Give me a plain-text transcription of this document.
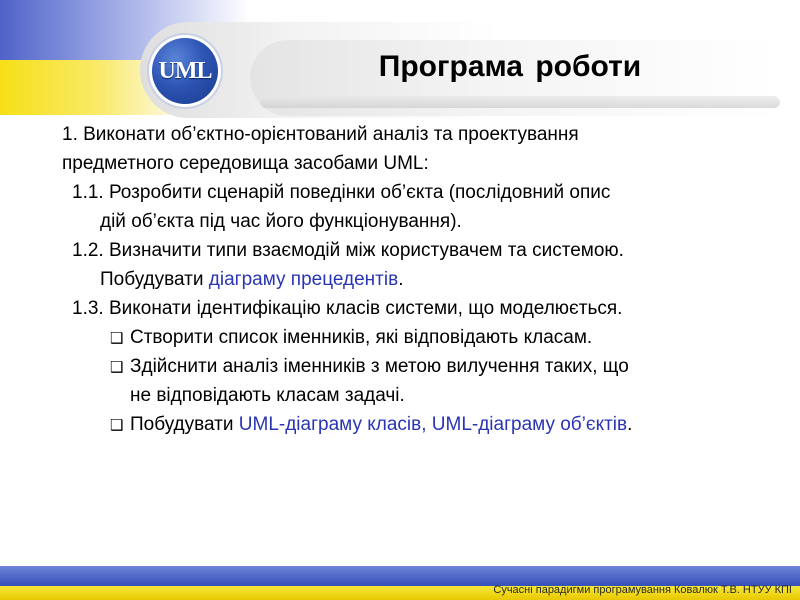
UML	Програма роботи
1. Виконати об’єктно-орієнтований аналіз та проектування
предметного середовища засобами UML:
1.1. Розробити сценарій поведінки об’єкта (послідовний опис
дій об’єкта під час його функціонування).
1.2. Визначити типи взаємодій між користувачем та системою.
Побудувати діаграму прецедентів.
1.3. Виконати ідентифікацію класів системи, що моделюється.
❑ Створити список іменників, які відповідають класам.
❑ Здійснити аналіз іменників з метою вилучення таких, що
не відповідають класам задачі.
❑ Побудувати UML-діаграму класів, UML-діаграму об’єктів.
Сучасні парадигми програмування Ковалюк Т.В. НТУУ КПІ
